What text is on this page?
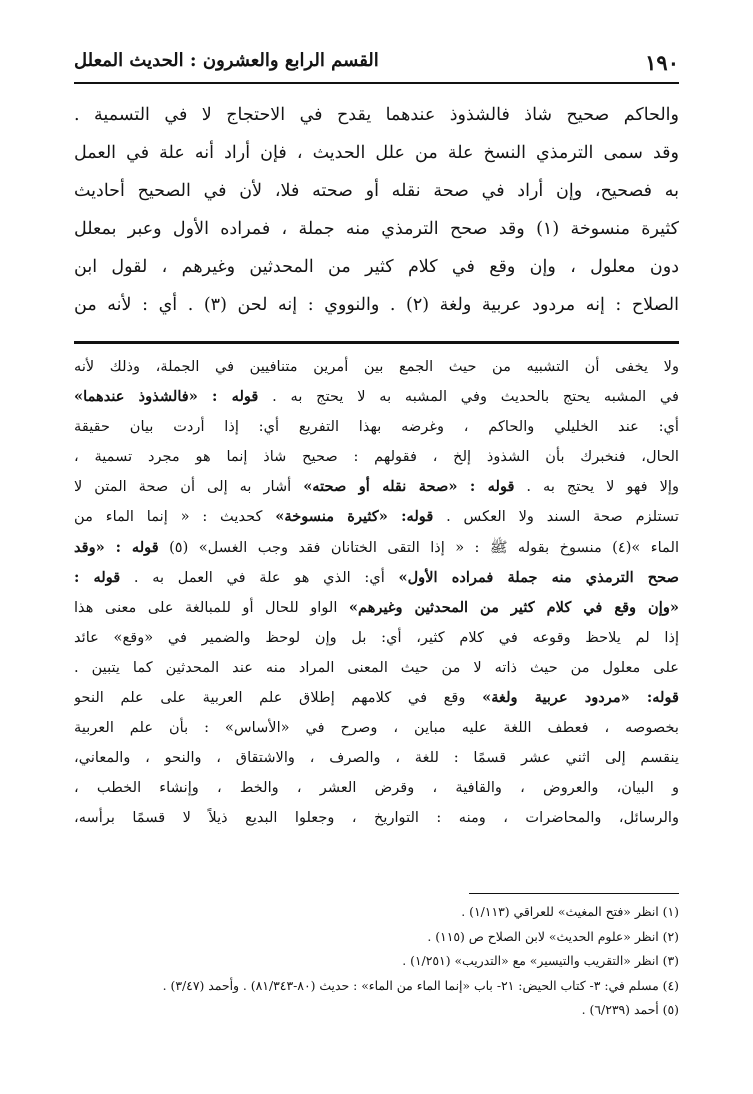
١٩٠
القسم الرابع والعشرون : الحديث المعلل
والحاكم صحيح شاذ فالشذوذ عندهما يقدح في الاحتجاج لا في التسمية .
وقد سمى الترمذي النسخ علة من علل الحديث ، فإن أراد أنه علة في العمل
به فصحيح، وإن أراد في صحة نقله أو صحته فلا، لأن في الصحيح أحاديث
كثيرة منسوخة (١) وقد صحح الترمذي منه جملة ، فمراده الأول وعبر بمعلل
دون معلول ، وإن وقع في كلام كثير من المحدثين وغيرهم ، لقول ابن
الصلاح : إنه مردود عربية ولغة (٢) . والنووي : إنه لحن (٣) . أي : لأنه من
ولا يخفى أن التشبيه من حيث الجمع بين أمرين متنافيين في الجملة، وذلك لأنه
في المشبه يحتج بالحديث وفي المشبه به لا يحتج به . قوله : «فالشذوذ عندهما»
أي: عند الخليلي والحاكم ، وغرضه بهذا التفريع أي: إذا أردت بيان حقيقة
الحال، فنخبرك بأن الشذوذ إلخ ، فقولهم : صحيح شاذ إنما هو مجرد تسمية ،
وإلا فهو لا يحتج به . قوله : «صحة نقله أو صحته» أشار به إلى أن صحة المتن لا
تستلزم صحة السند ولا العكس . قوله: «كثيرة منسوخة» كحديث : « إنما الماء من
الماء »(٤) منسوخ بقوله ﷺ : « إذا التقى الختانان فقد وجب الغسل» (٥) قوله : «وقد
صحح الترمذي منه جملة فمراده الأول» أي: الذي هو علة في العمل به . قوله :
«وإن وقع في كلام كثير من المحدثين وغيرهم» الواو للحال أو للمبالغة على معنى هذا
إذا لم يلاحظ وقوعه في كلام كثير، أي: بل وإن لوحظ والضمير في «وقع» عائد
على معلول من حيث ذاته لا من حيث المعنى المراد منه عند المحدثين كما يتبين .
قوله: «مردود عربية ولغة» وقع في كلامهم إطلاق علم العربية على علم النحو
بخصوصه ، فعطف اللغة عليه مباين ، وصرح في «الأساس» : بأن علم العربية
ينقسم إلى اثني عشر قسمًا : للغة ، والصرف ، والاشتقاق ، والنحو ، والمعاني،
و البيان، والعروض ، والقافية ، وقرض العشر ، والخط ، وإنشاء الخطب ،
والرسائل، والمحاضرات ، ومنه : التواريخ ، وجعلوا البديع ذيلاً لا قسمًا برأسه،
(١) انظر «فتح المغيث» للعراقي (١/١١٣) .
(٢) انظر «علوم الحديث» لابن الصلاح ص (١١٥) .
(٣) انظر «التقريب والتيسير» مع «التدريب» (١/٢٥١) .
(٤) مسلم في: ٣- كتاب الحيض: ٢١- باب «إنما الماء من الماء» : حديث (٨٠-٨١/٣٤٣) . وأحمد (٣/٤٧) .
(٥) أحمد (٦/٢٣٩) .
